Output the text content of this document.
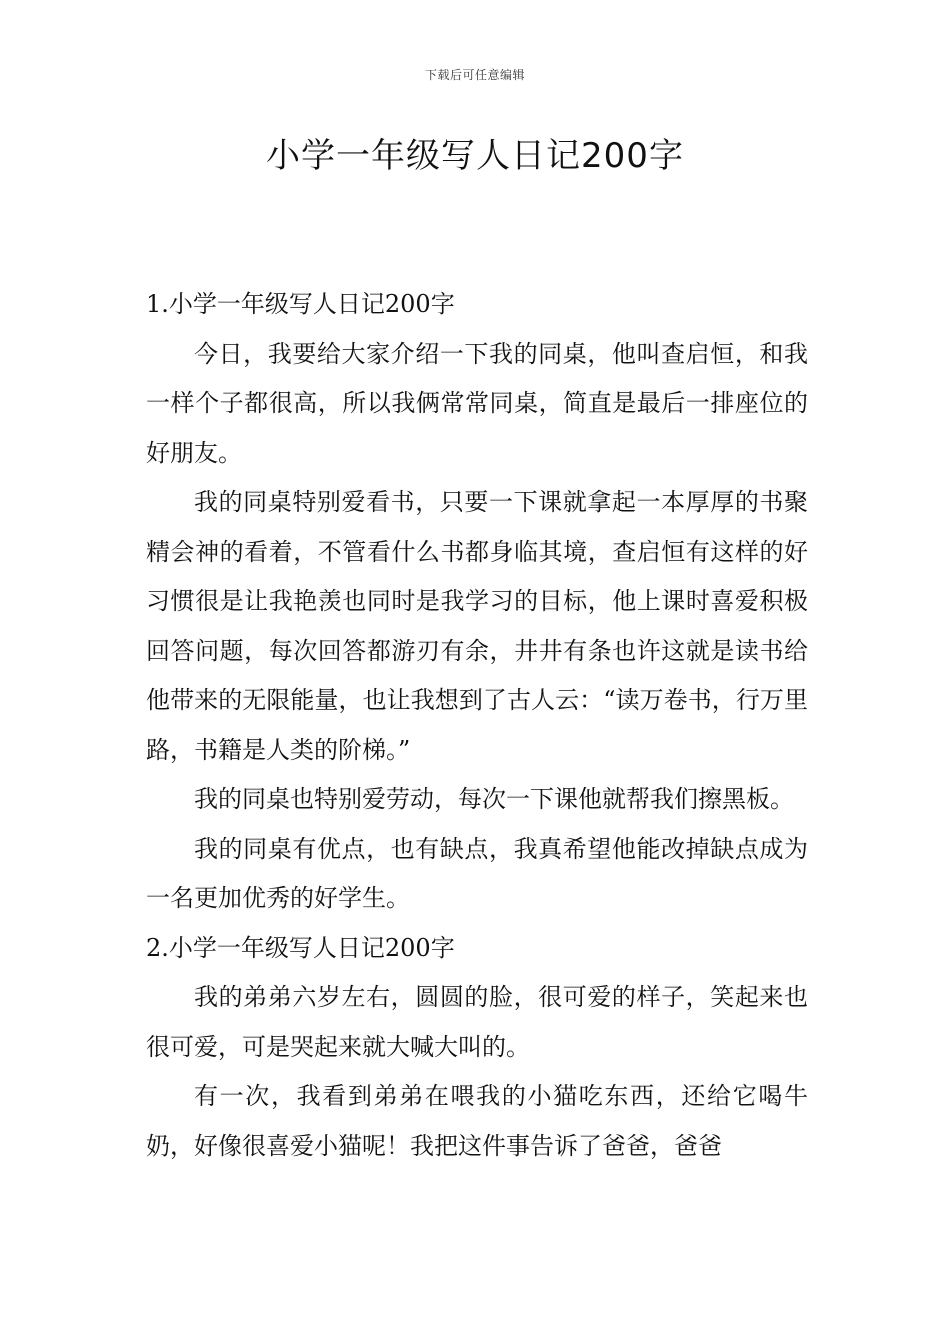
下载后可任意编辑
小学一年级写人日记200字

1.小学一年级写人日记200字

今日，我要给大家介绍一下我的同桌，他叫查启恒，和我一样个子都很高，所以我俩常常同桌，简直是最后一排座位的好朋友。

我的同桌特别爱看书，只要一下课就拿起一本厚厚的书聚精会神的看着，不管看什么书都身临其境，查启恒有这样的好习惯很是让我艳羡也同时是我学习的目标，他上课时喜爱积极回答问题，每次回答都游刃有余，井井有条也许这就是读书给他带来的无限能量，也让我想到了古人云：“读万卷书，行万里路，书籍是人类的阶梯。”

我的同桌也特别爱劳动，每次一下课他就帮我们擦黑板。

我的同桌有优点，也有缺点，我真希望他能改掉缺点成为一名更加优秀的好学生。

2.小学一年级写人日记200字

我的弟弟六岁左右，圆圆的脸，很可爱的样子，笑起来也很可爱，可是哭起来就大喊大叫的。

有一次，我看到弟弟在喂我的小猫吃东西，还给它喝牛奶，好像很喜爱小猫呢！我把这件事告诉了爸爸，爸爸
